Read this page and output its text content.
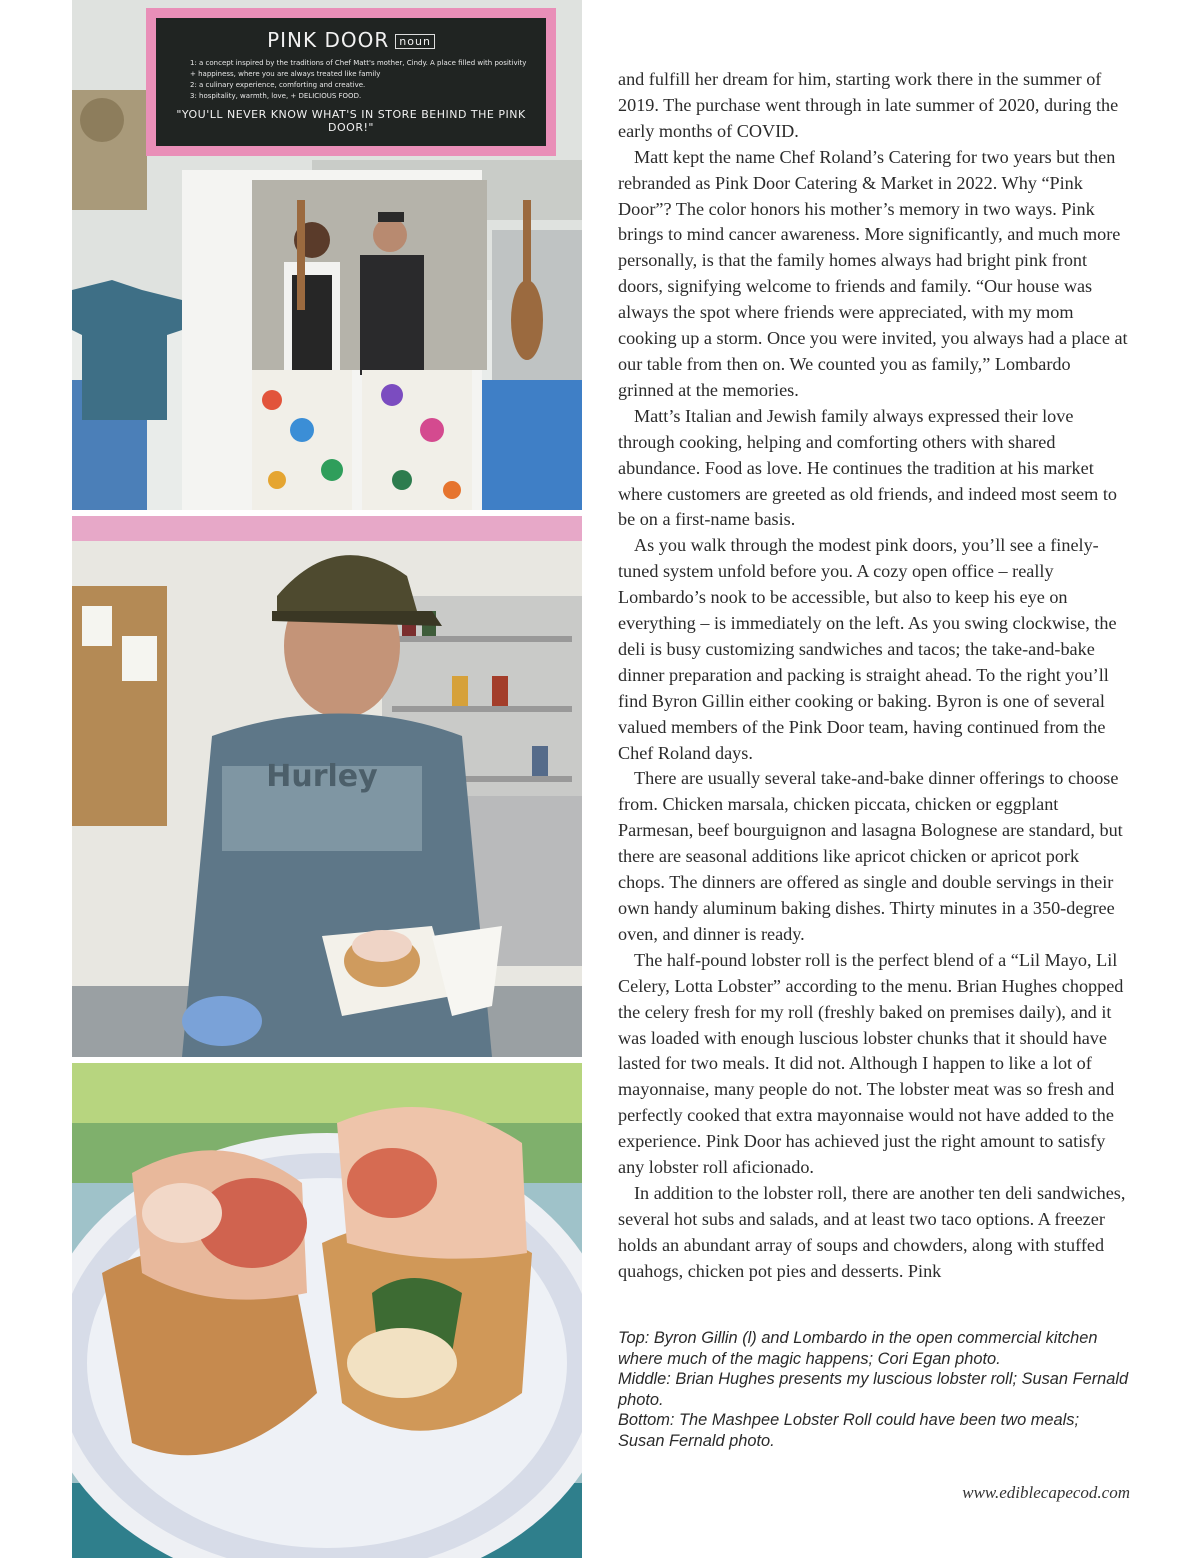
PINK DOOR noun
1: a concept inspired by the traditions of Chef Matt's mother, Cindy. A place filled with positivity + happiness, where you are always treated like family
2: a culinary experience, comforting and creative.
3: hospitality, warmth, love, + DELICIOUS FOOD.
"YOU'LL NEVER KNOW WHAT'S IN STORE BEHIND THE PINK DOOR!"
Hurley

and fulfill her dream for him, starting work there in the summer of 2019. The purchase went through in late summer of 2020, during the early months of COVID.

Matt kept the name Chef Roland’s Catering for two years but then rebranded as Pink Door Catering & Market in 2022. Why “Pink Door”? The color honors his mother’s memory in two ways. Pink brings to mind cancer awareness. More significantly, and much more personally, is that the family homes always had bright pink front doors, signifying welcome to friends and family. “Our house was always the spot where friends were appreciated, with my mom cooking up a storm. Once you were invited, you always had a place at our table from then on. We counted you as family,” Lombardo grinned at the memories.

Matt’s Italian and Jewish family always expressed their love through cooking, helping and comforting others with shared abundance. Food as love. He continues the tradition at his market where customers are greeted as old friends, and indeed most seem to be on a first-name basis.

As you walk through the modest pink doors, you’ll see a finely-tuned system unfold before you. A cozy open office – really Lombardo’s nook to be accessible, but also to keep his eye on everything – is immediately on the left. As you swing clockwise, the deli is busy customizing sandwiches and tacos; the take-and-bake dinner preparation and packing is straight ahead. To the right you’ll find Byron Gillin either cooking or baking. Byron is one of several valued members of the Pink Door team, having continued from the Chef Roland days.

There are usually several take-and-bake dinner offerings to choose from. Chicken marsala, chicken piccata, chicken or eggplant Parmesan, beef bourguignon and lasagna Bolognese are standard, but there are seasonal additions like apricot chicken or apricot pork chops. The dinners are offered as single and double servings in their own handy aluminum baking dishes. Thirty minutes in a 350-degree oven, and dinner is ready.

The half-pound lobster roll is the perfect blend of a “Lil Mayo, Lil Celery, Lotta Lobster” according to the menu. Brian Hughes chopped the celery fresh for my roll (freshly baked on premises daily), and it was loaded with enough luscious lobster chunks that it should have lasted for two meals. It did not. Although I happen to like a lot of mayonnaise, many people do not. The lobster meat was so fresh and perfectly cooked that extra mayonnaise would not have added to the experience. Pink Door has achieved just the right amount to satisfy any lobster roll aficionado.

In addition to the lobster roll, there are another ten deli sandwiches, several hot subs and salads, and at least two taco options. A freezer holds an abundant array of soups and chowders, along with stuffed quahogs, chicken pot pies and desserts. Pink

Top: Byron Gillin (l) and Lombardo in the open commercial kitchen where much of the magic happens; Cori Egan photo.
Middle: Brian Hughes presents my luscious lobster roll; Susan Fernald photo.
Bottom: The Mashpee Lobster Roll could have been two meals; Susan Fernald photo.
www.ediblecapecod.com
